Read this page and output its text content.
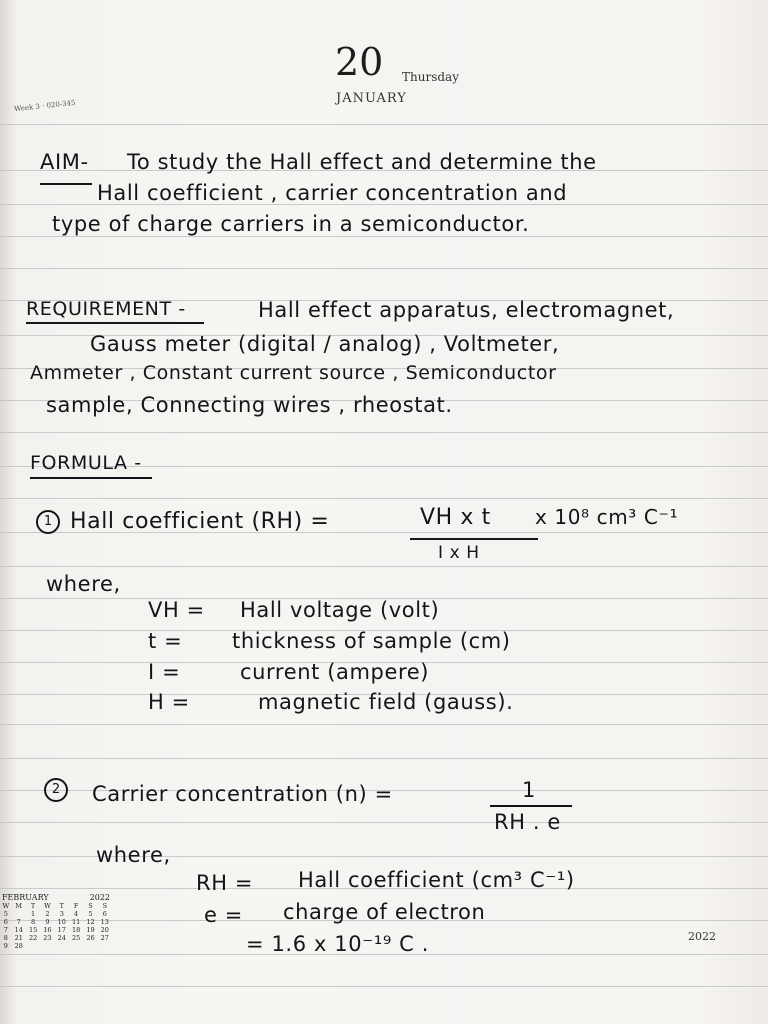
20 Thursday
JANUARY
Week 3 · 020-345
AIM- To study the Hall effect and determine the
Hall coefficient , carrier concentration and
type of charge carriers in a semiconductor.
REQUIREMENT -	Hall effect apparatus, electromagnet,
Gauss meter (digital / analog) , Voltmeter,
Ammeter , Constant current source , Semiconductor
sample, Connecting wires , rheostat.
FORMULA -
1 Hall coefficient (RH) =	VH x t x 10⁸ cm³ C⁻¹
I x H
where,
VH = Hall voltage (volt)
t = thickness of sample (cm)
I =	current (ampere)
H =	magnetic field (gauss).
2	Carrier concentration (n) =	1
RH . e
where,
RH = Hall coefficient (cm³ C⁻¹)
e = charge of electron
= 1.6 x 10⁻¹⁹ C .	2022
FEBRUARY	2022
W	M	T	W	T	F	S	S
5		1	2	3	4	5	6
6	7	8	9	10	11	12	13
7	14	15	16	17	18	19	20
8	21	22	23	24	25	26	27
9	28						
